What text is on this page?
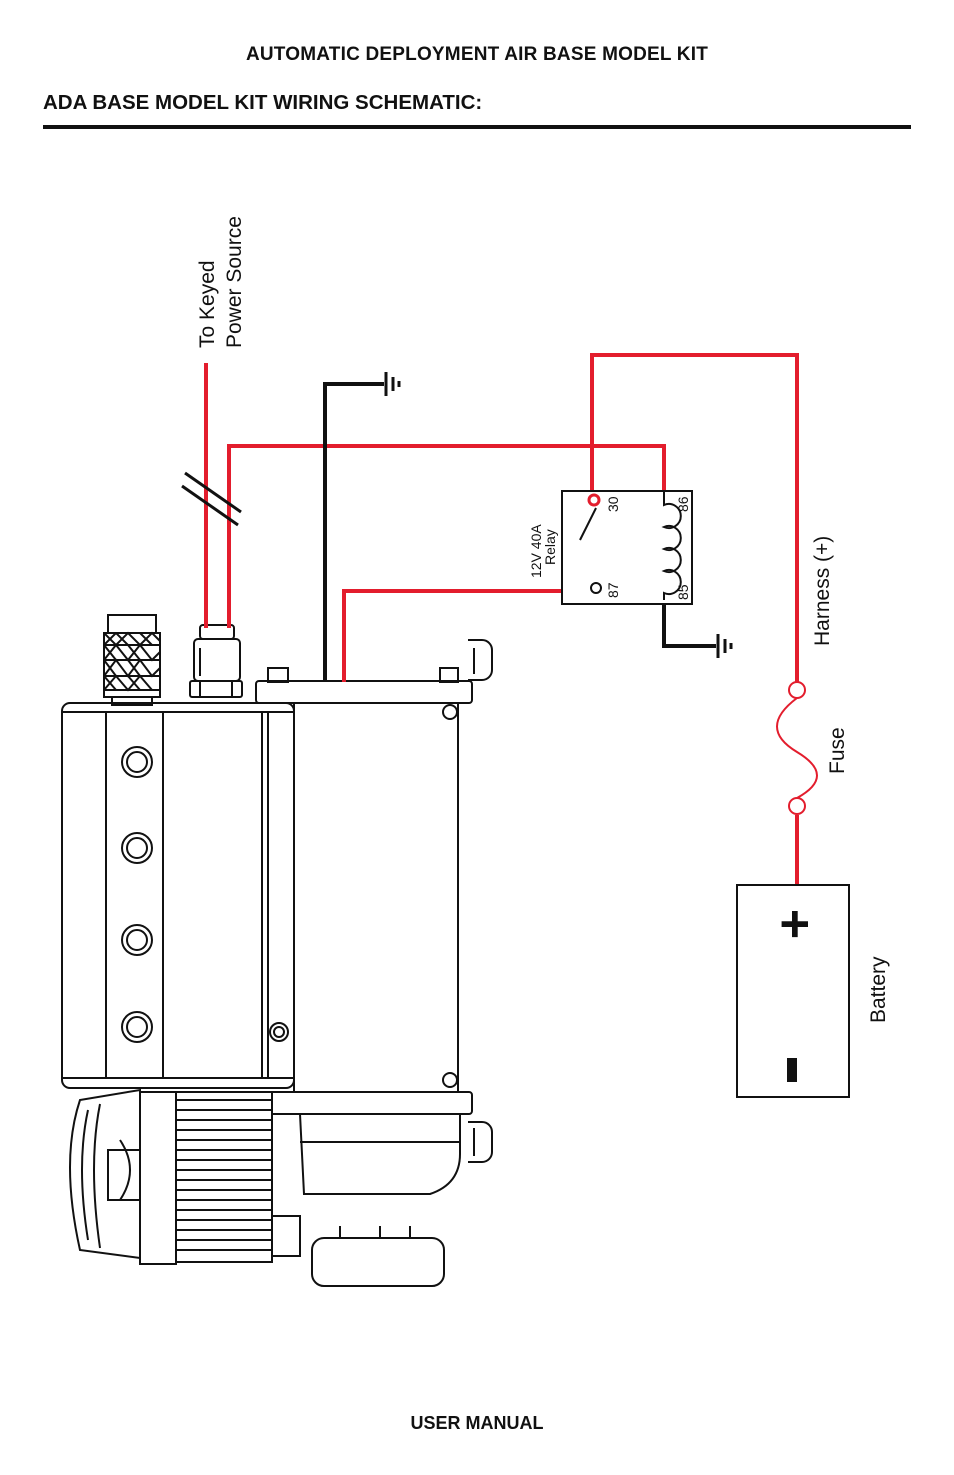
AUTOMATIC DEPLOYMENT AIR BASE MODEL KIT
ADA BASE MODEL KIT WIRING SCHEMATIC:
12V 40A
Relay
30
87
86
85
+
To Keyed Power Source
Harness (+)
Fuse
Battery
USER MANUAL
